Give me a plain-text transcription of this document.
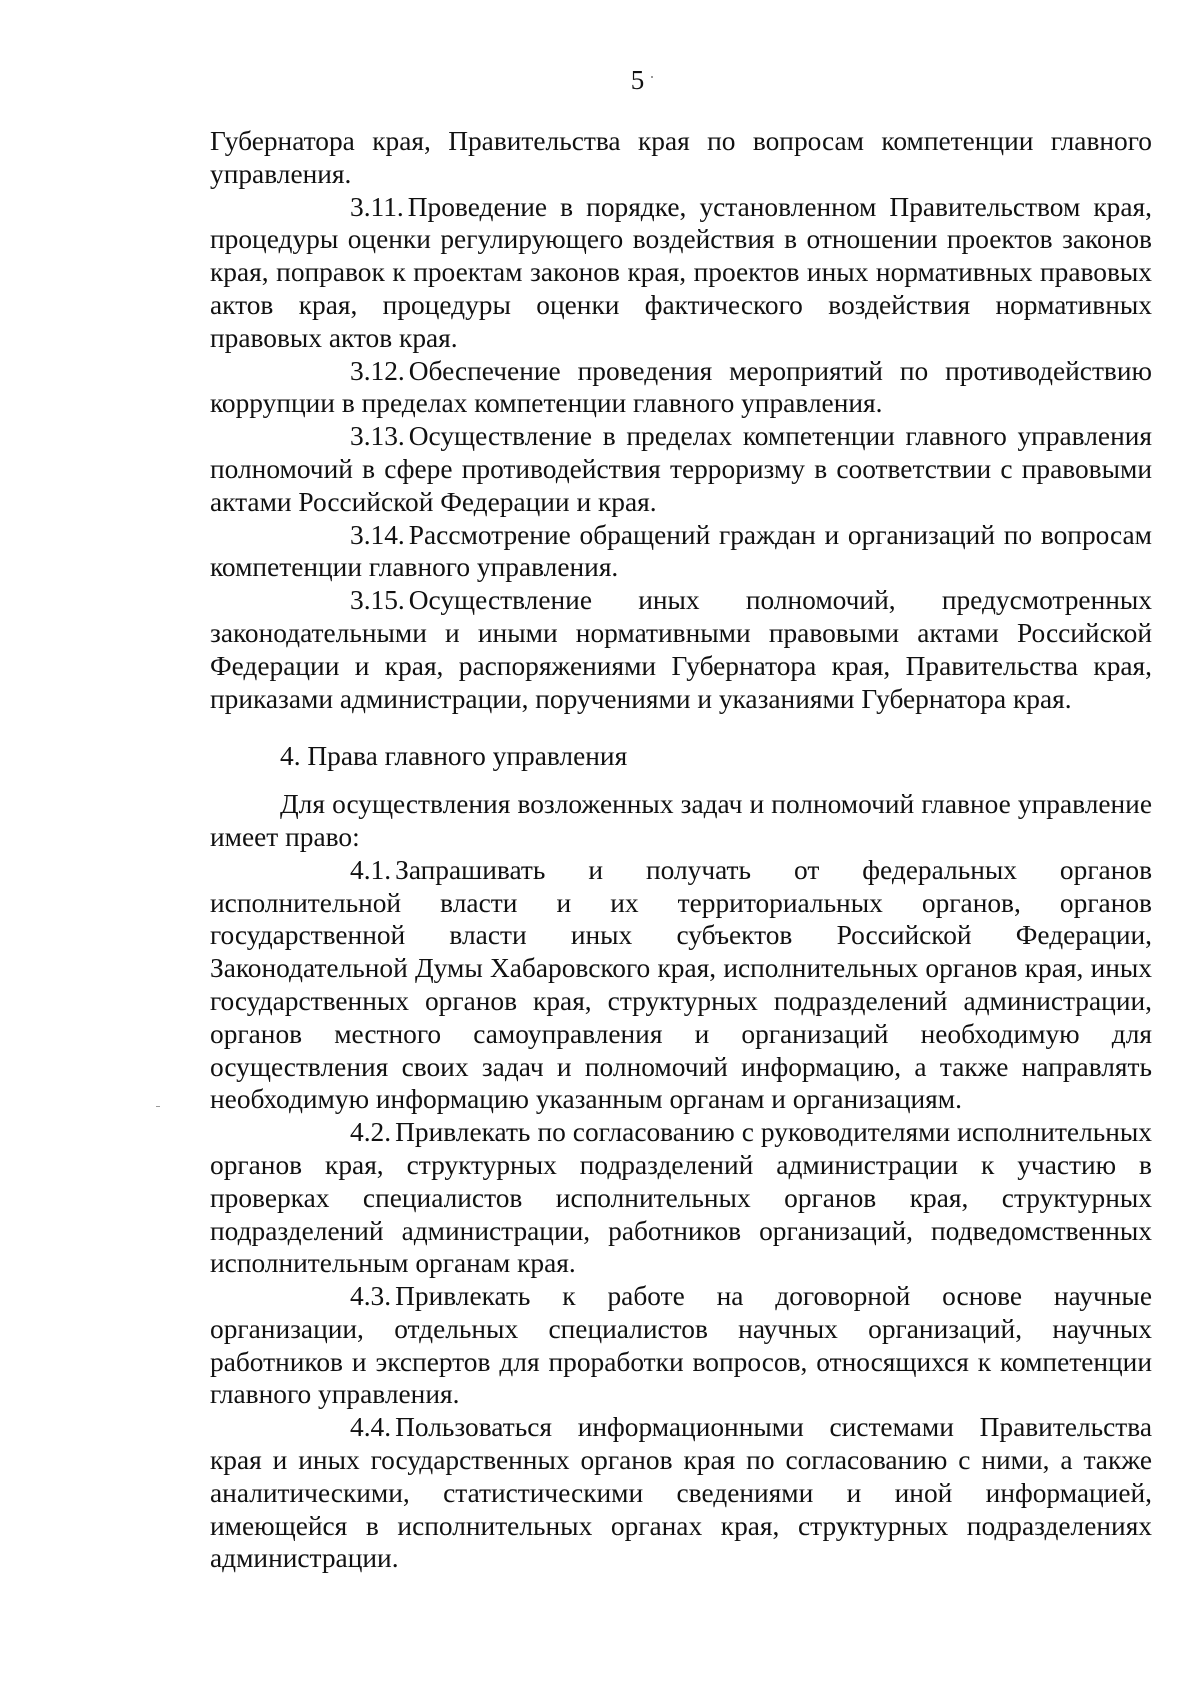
5

Губернатора края, Правительства края по вопросам компетенции главного управления.

3.11. Проведение в порядке, установленном Правительством края, процедуры оценки регулирующего воздействия в отношении проектов законов края, поправок к проектам законов края, проектов иных нормативных правовых актов края, процедуры оценки фактического воздействия нормативных правовых актов края.

3.12. Обеспечение проведения мероприятий по противодействию коррупции в пределах компетенции главного управления.

3.13. Осуществление в пределах компетенции главного управления полномочий в сфере противодействия терроризму в соответствии с правовыми актами Российской Федерации и края.

3.14. Рассмотрение обращений граждан и организаций по вопросам компетенции главного управления.

3.15. Осуществление иных полномочий, предусмотренных законодательными и иными нормативными правовыми актами Российской Федерации и края, распоряжениями Губернатора края, Правительства края, приказами администрации, поручениями и указаниями Губернатора края.

4. Права главного управления

Для осуществления возложенных задач и полномочий главное управление имеет право:

4.1. Запрашивать и получать от федеральных органов исполнительной власти и их территориальных органов, органов государственной власти иных субъектов Российской Федерации, Законодательной Думы Хабаровского края, исполнительных органов края, иных государственных органов края, структурных подразделений администрации, органов местного самоуправления и организаций необходимую для осуществления своих задач и полномочий информацию, а также направлять необходимую информацию указанным органам и организациям.

4.2. Привлекать по согласованию с руководителями исполнительных органов края, структурных подразделений администрации к участию в проверках специалистов исполнительных органов края, структурных подразделений администрации, работников организаций, подведомственных исполнительным органам края.

4.3. Привлекать к работе на договорной основе научные организации, отдельных специалистов научных организаций, научных работников и экспертов для проработки вопросов, относящихся к компетенции главного управления.

4.4. Пользоваться информационными системами Правительства края и иных государственных органов края по согласованию с ними, а также аналитическими, статистическими сведениями и иной информацией, имеющейся в исполнительных органах края, структурных подразделениях администрации.
